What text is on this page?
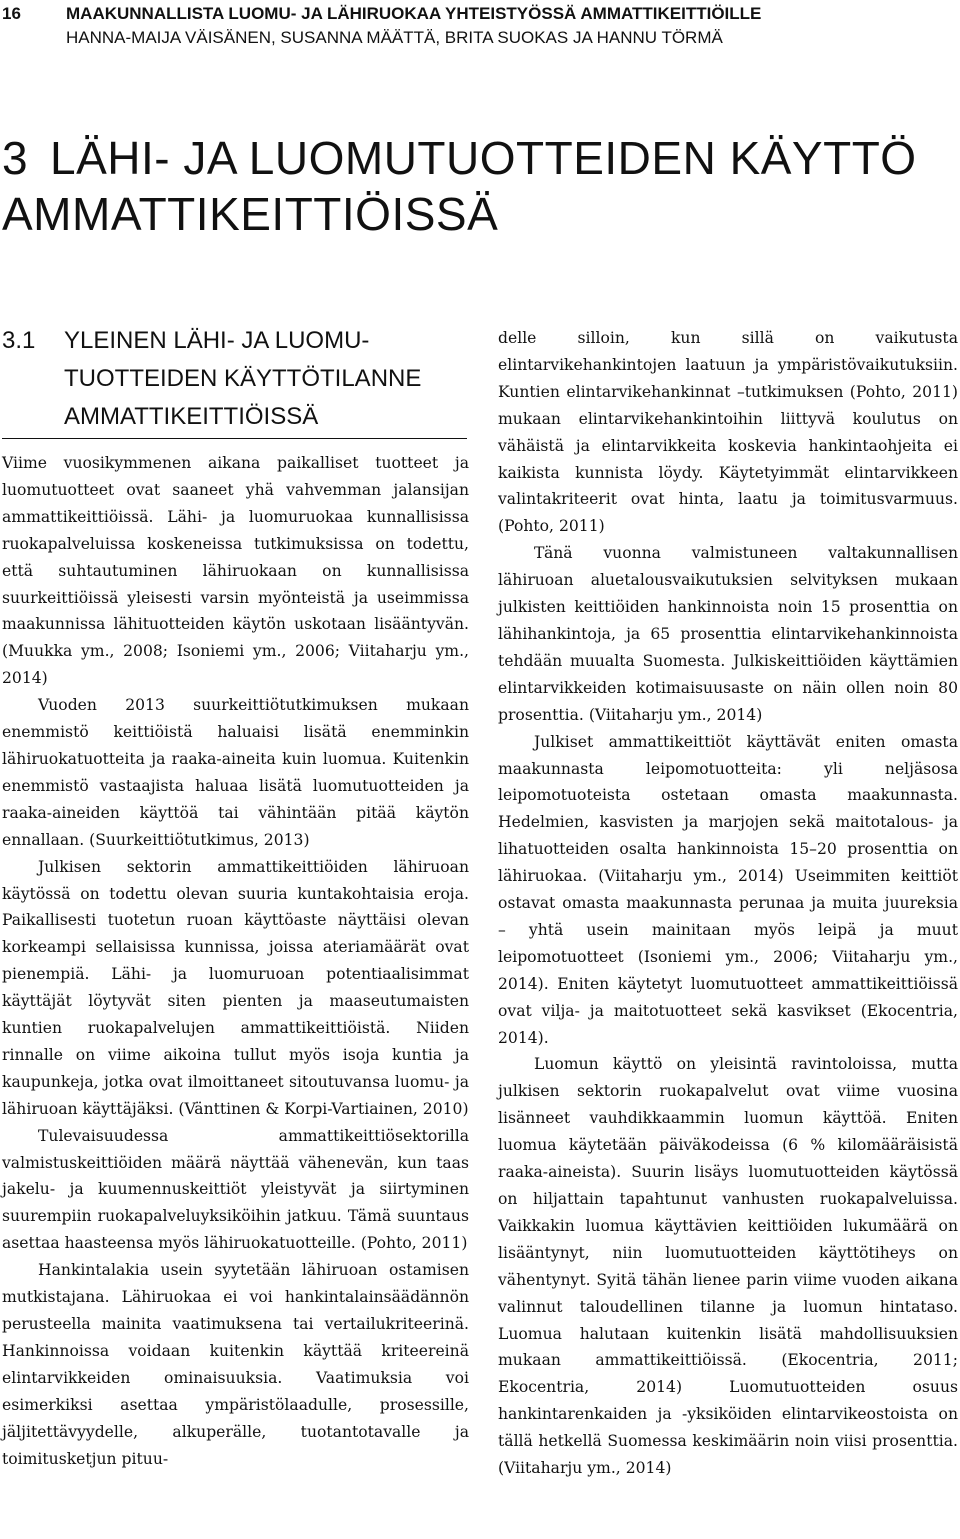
16	MAAKUNNALLISTA LUOMU- JA LÄHIRUOKAA YHTEISTYÖSSÄ AMMATTIKEITTIÖILLE
HANNA-MAIJA VÄISÄNEN, SUSANNA MÄÄTTÄ, BRITA SUOKAS JA HANNU TÖRMÄ
3 LÄHI- JA LUOMUTUOTTEIDEN KÄYTTÖ
AMMATTIKEITTIÖISSÄ
3.1 YLEINEN LÄHI- JA LUOMU- TUOTTEIDEN KÄYTTÖTILANNE AMMATTIKEITTIÖISSÄ

Viime vuosikymmenen aikana paikalliset tuotteet ja luomutuotteet ovat saaneet yhä vahvemman jalansijan ammattikeittiöissä. Lähi- ja luomuruokaa kunnallisissa ruokapalveluissa koskeneissa tutkimuksissa on todettu, että suhtautuminen lähiruokaan on kunnallisissa suurkeittiöissä yleisesti varsin myönteistä ja useimmissa maakunnissa lähituotteiden käytön uskotaan lisääntyvän. (Muukka ym., 2008; Isoniemi ym., 2006; Viitaharju ym., 2014)

Vuoden 2013 suurkeittiötutkimuksen mukaan enemmistö keittiöistä haluaisi lisätä enemminkin lähiruokatuotteita ja raaka-aineita kuin luomua. Kuitenkin enemmistö vastaajista haluaa lisätä luomutuotteiden ja raaka-aineiden käyttöä tai vähintään pitää käytön ennallaan. (Suurkeittiötutkimus, 2013)

Julkisen sektorin ammattikeittiöiden lähiruoan käytössä on todettu olevan suuria kuntakohtaisia eroja. Paikallisesti tuotetun ruoan käyttöaste näyttäisi olevan korkeampi sellaisissa kunnissa, joissa ateriamäärät ovat pienempiä. Lähi- ja luomuruoan potentiaalisimmat käyttäjät löytyvät siten pienten ja maaseutumaisten kuntien ruokapalvelujen ammattikeittiöistä. Niiden rinnalle on viime aikoina tullut myös isoja kuntia ja kaupunkeja, jotka ovat ilmoittaneet sitoutuvansa luomu- ja lähiruoan käyttäjäksi. (Vänttinen & Korpi-Vartiainen, 2010)

Tulevaisuudessa ammattikeittiösektorilla valmistuskeittiöiden määrä näyttää vähenevän, kun taas jakelu- ja kuumennuskeittiöt yleistyvät ja siirtyminen suurempiin ruokapalveluyksiköihin jatkuu. Tämä suuntaus asettaa haasteensa myös lähiruokatuotteille. (Pohto, 2011)

Hankintalakia usein syytetään lähiruoan ostamisen mutkistajana. Lähiruokaa ei voi hankintalainsäädännön perusteella mainita vaatimuksena tai vertailukriteerinä. Hankinnoissa voidaan kuitenkin käyttää kriteereinä elintarvikkeiden ominaisuuksia. Vaatimuksia voi esimerkiksi asettaa ympäristölaadulle, prosessille, jäljitettävyydelle, alkuperälle, tuotantotavalle ja toimitusketjun pituu-

delle silloin, kun sillä on vaikutusta elintarvikehankintojen laatuun ja ympäristövaikutuksiin. Kuntien elintarvikehankinnat –tutkimuksen (Pohto, 2011) mukaan elintarvikehankintoihin liittyvä koulutus on vähäistä ja elintarvikkeita koskevia hankintaohjeita ei kaikista kunnista löydy. Käytetyimmät elintarvikkeen valintakriteerit ovat hinta, laatu ja toimitusvarmuus. (Pohto, 2011)

Tänä vuonna valmistuneen valtakunnallisen lähiruoan aluetalousvaikutuksien selvityksen mukaan julkisten keittiöiden hankinnoista noin 15 prosenttia on lähihankintoja, ja 65 prosenttia elintarvikehankinnoista tehdään muualta Suomesta. Julkiskeittiöiden käyttämien elintarvikkeiden kotimaisuusaste on näin ollen noin 80 prosenttia. (Viitaharju ym., 2014)

Julkiset ammattikeittiöt käyttävät eniten omasta maakunnasta leipomotuotteita: yli neljäsosa leipomotuoteista ostetaan omasta maakunnasta. Hedelmien, kasvisten ja marjojen sekä maitotalous- ja lihatuotteiden osalta hankinnoista 15–20 prosenttia on lähiruokaa. (Viitaharju ym., 2014) Useimmiten keittiöt ostavat omasta maakunnasta perunaa ja muita juureksia – yhtä usein mainitaan myös leipä ja muut leipomotuotteet (Isoniemi ym., 2006; Viitaharju ym., 2014). Eniten käytetyt luomutuotteet ammattikeittiöissä ovat vilja- ja maitotuotteet sekä kasvikset (Ekocentria, 2014).

Luomun käyttö on yleisintä ravintoloissa, mutta julkisen sektorin ruokapalvelut ovat viime vuosina lisänneet vauhdikkaammin luomun käyttöä. Eniten luomua käytetään päiväkodeissa (6 % kilomääräisistä raaka-aineista). Suurin lisäys luomutuotteiden käytössä on hiljattain tapahtunut vanhusten ruokapalveluissa. Vaikkakin luomua käyttävien keittiöiden lukumäärä on lisääntynyt, niin luomutuotteiden käyttötiheys on vähentynyt. Syitä tähän lienee parin viime vuoden aikana valinnut taloudellinen tilanne ja luomun hintataso. Luomua halutaan kuitenkin lisätä mahdollisuuksien mukaan ammattikeittiöissä. (Ekocentria, 2011; Ekocentria, 2014) Luomutuotteiden osuus hankintarenkaiden ja -yksiköiden elintarvikeostoista on tällä hetkellä Suomessa keskimäärin noin viisi prosenttia. (Viitaharju ym., 2014)
